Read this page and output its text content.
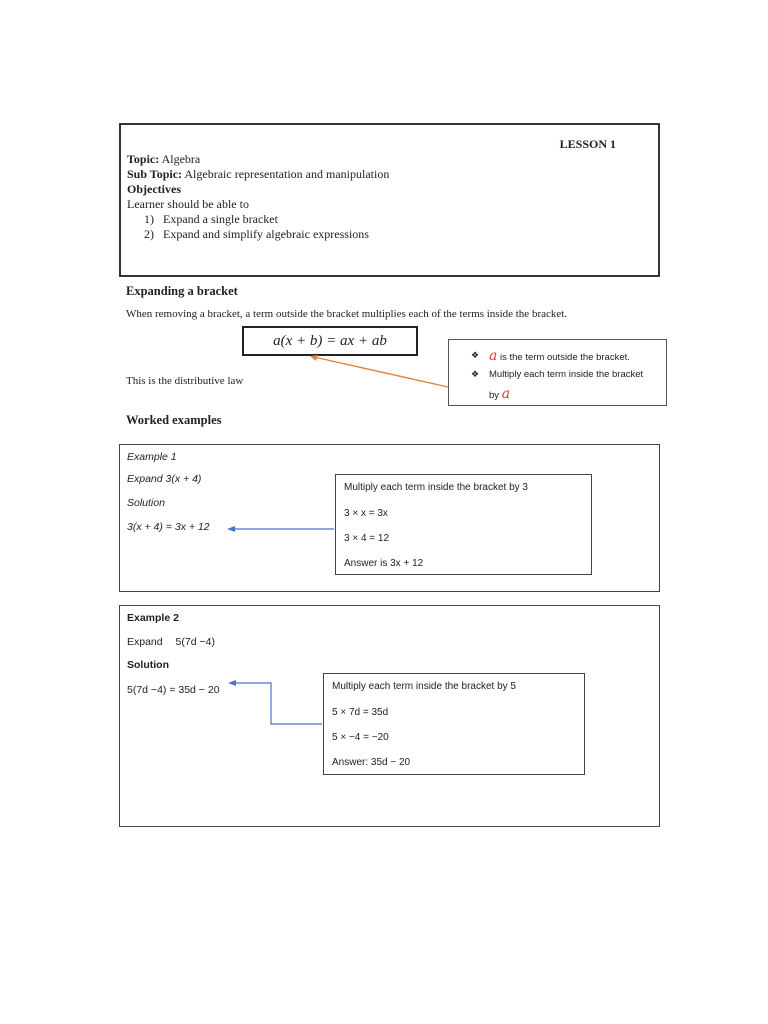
LESSON 1
Topic: Algebra
Sub Topic: Algebraic representation and manipulation
Objectives
Learner should be able to
1) Expand a single bracket
2) Expand and simplify algebraic expressions
Expanding a bracket
When removing a bracket, a term outside the bracket multiplies each of the terms inside the bracket.
a(x + b) = ax + ab
This is the distributive law
❖ a is the term outside the bracket.
❖	Multiply each term inside the bracket
by a
Worked examples
Example 1
Expand 3(x + 4)
Solution
3(x + 4) = 3x + 12
Multiply each term inside the bracket by 3
3 × x = 3x
3 × 4 = 12
Answer is 3x + 12
Example 2
Expand 5(7d −4)
Solution
5(7d −4) = 35d − 20	Multiply each term inside the bracket by 5
5 × 7d = 35d
5 × −4 = −20
Answer: 35d − 20
